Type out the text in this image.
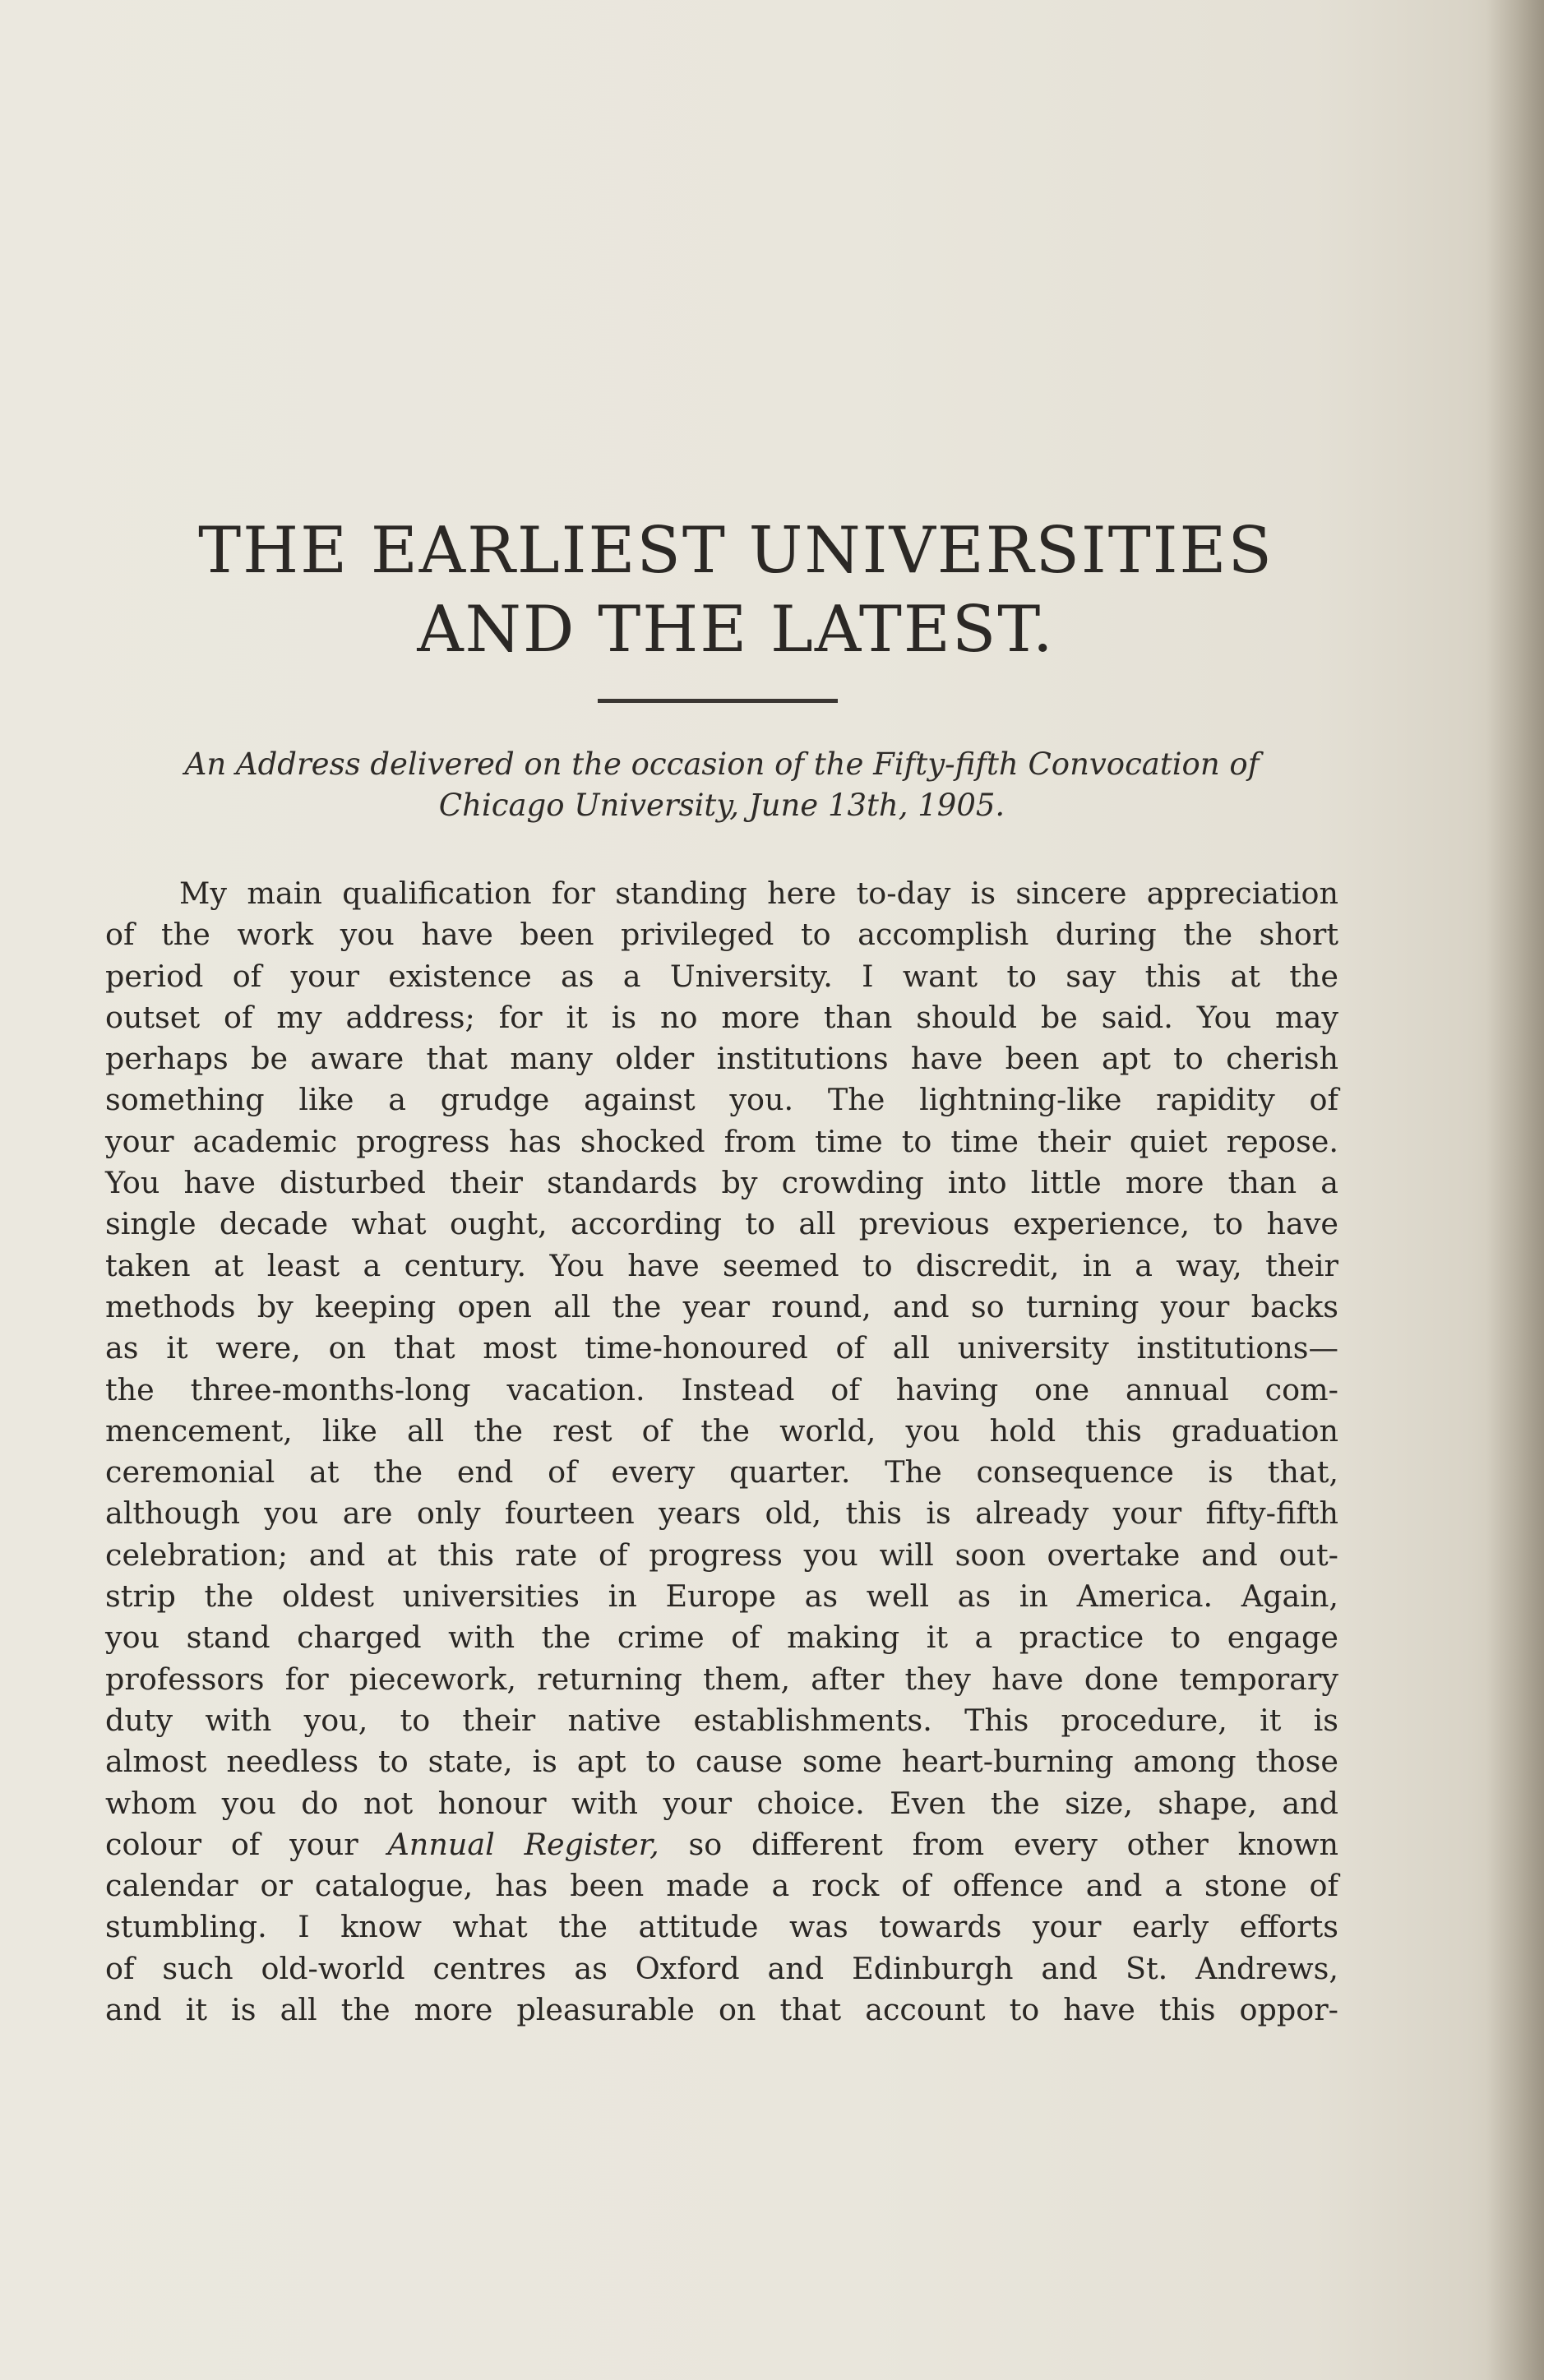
THE EARLIEST UNIVERSITIES
AND THE LATEST.
An Address delivered on the occasion of the Fifty-fifth Convocation of
Chicago University, June 13th, 1905.
My main qualification for standing here to-day is sincere appreciation
of the work you have been privileged to accomplish during the short
period of your existence as a University. I want to say this at the
outset of my address; for it is no more than should be said. You may
perhaps be aware that many older institutions have been apt to cherish
something like a grudge against you. The lightning-like rapidity of
your academic progress has shocked from time to time their quiet repose.
You have disturbed their standards by crowding into little more than a
single decade what ought, according to all previous experience, to have
taken at least a century. You have seemed to discredit, in a way, their
methods by keeping open all the year round, and so turning your backs
as it were, on that most time-honoured of all university institutions—
the three-months-long vacation. Instead of having one annual com-
mencement, like all the rest of the world, you hold this graduation
ceremonial at the end of every quarter. The consequence is that,
although you are only fourteen years old, this is already your fifty-fifth
celebration; and at this rate of progress you will soon overtake and out-
strip the oldest universities in Europe as well as in America. Again,
you stand charged with the crime of making it a practice to engage
professors for piecework, returning them, after they have done temporary
duty with you, to their native establishments. This procedure, it is
almost needless to state, is apt to cause some heart-burning among those
whom you do not honour with your choice. Even the size, shape, and
colour of your Annual Register, so different from every other known
calendar or catalogue, has been made a rock of offence and a stone of
stumbling. I know what the attitude was towards your early efforts
of such old-world centres as Oxford and Edinburgh and St. Andrews,
and it is all the more pleasurable on that account to have this oppor-
